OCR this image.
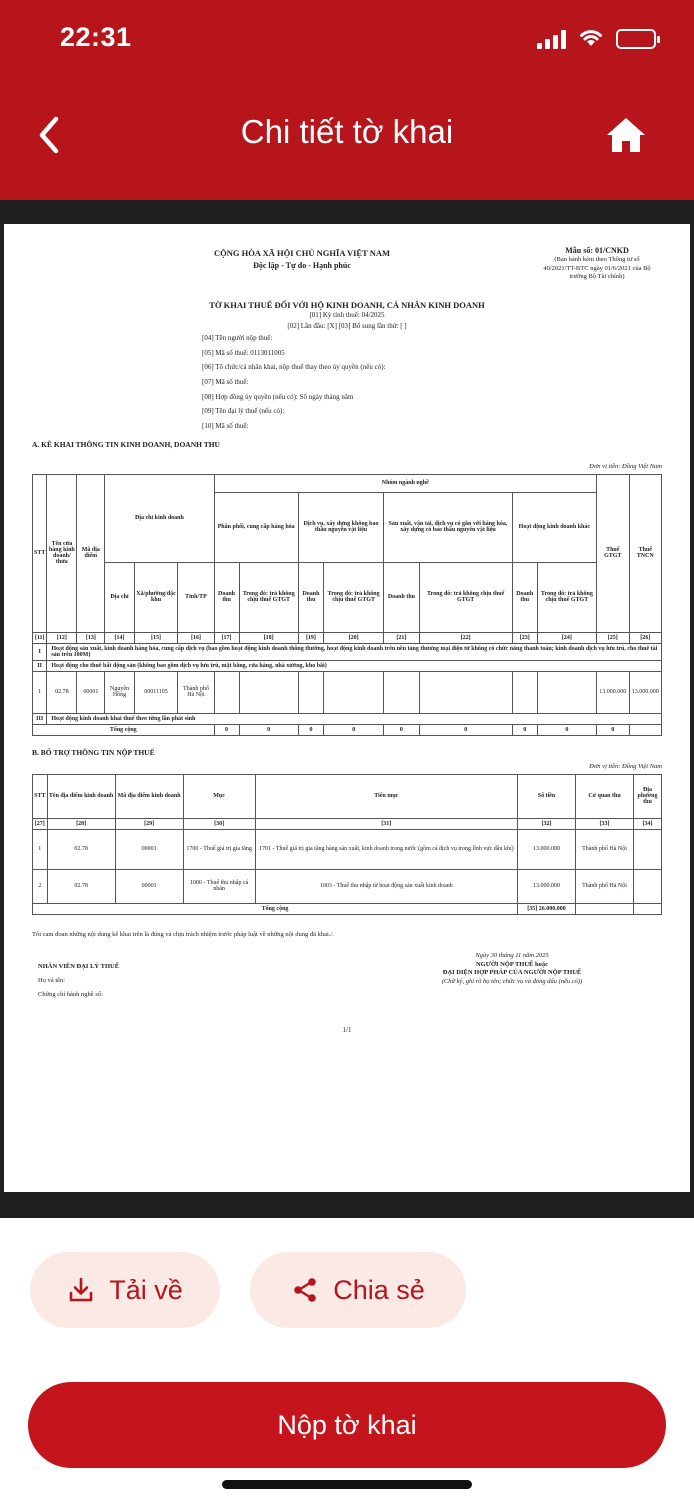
22:31
Chi tiết tờ khai
CỘNG HÒA XÃ HỘI CHỦ NGHĨA VIỆT NAM
Độc lập - Tự do - Hạnh phúc
Mẫu số: 01/CNKD
(Ban hành kèm theo Thông tư số 40/2021/TT-BTC ngày 01/6/2021 của Bộ trưởng Bộ Tài chính)
TỜ KHAI THUẾ ĐỐI VỚI HỘ KINH DOANH, CÁ NHÂN KINH DOANH
[01] Kỳ tính thuế: 04/2025
[02] Lần đầu: [X] [03] Bổ sung lần thứ: [ ]
[04] Tên người nộp thuế:
[05] Mã số thuế: 0113011005
[06] Tổ chức/cá nhân khai, nộp thuế thay theo ủy quyền (nếu có):
[07] Mã số thuế:
[08] Hợp đồng ủy quyền (nếu có): Số ngày tháng năm
[09] Tên đại lý thuế (nếu có):
[10] Mã số thuế:
A. KÊ KHAI THÔNG TIN KINH DOANH, DOANH THU
Đơn vị tiền: Đồng Việt Nam
STT	Tên cửa hàng kinh doanh/ thửa	Mã địa điểm	Địa chỉ kinh doanh			Nhóm ngành nghề								Thuế GTGT	Thuế TNCN
						Phân phối, cung cấp hàng hóa		Dịch vụ, xây dựng không bao thầu nguyên vật liệu		Sản xuất, vận tải, dịch vụ có gắn với hàng hóa, xây dựng có bao thầu nguyên vật liệu		Hoạt động kinh doanh khác			
			Địa chỉ	Xã/phường/đặc khu	Tỉnh/TP	Doanh thu	Trong đó: trả không chịu thuế GTGT	Doanh thu	Trong đó: trả không chịu thuế GTGT	Doanh thu	Trong đó: trả không chịu thuế GTGT	Doanh thu	Trong đó: trả không chịu thuế GTGT		
[11]	[12]	[13]	[14]	[15]	[16]	[17]	[18]	[19]	[20]	[21]	[22]	[23]	[24]	[25]	[26]
I	Hoạt động sản xuất, kinh doanh hàng hóa, cung cấp dịch vụ (bao gồm hoạt động kinh doanh thông thường, hoạt động kinh doanh trên nền tảng thương mại điện tử không có chức năng thanh toán; kinh doanh dịch vụ lưu trú, cho thuê tài sản trên 100M)														
II	Hoạt động cho thuê bất động sản (không bao gồm dịch vụ lưu trú, mặt bằng, cửa hàng, nhà xưởng, kho bãi)														
1	02.78	00001	Nguyên Hồng	00011105	Thành phố Hà Nội									13.000.000	13.000.000
III	Hoạt động kinh doanh khai thuế theo từng lần phát sinh														
Tổng cộng						0	0	0	0	0	0	0	0	0	
B. BỔ TRỢ THÔNG TIN NỘP THUẾ
Đơn vị tiền: Đồng Việt Nam
STT	Tên địa điểm kinh doanh	Mã địa điểm kinh doanh	Mục	Tiểu mục	Số tiền	Cơ quan thu	Địa phương thu
[27]	[28]	[29]	[30]	[31]	[32]	[33]	[34]
1	02.78	00001	1700 - Thuế giá trị gia tăng	1701 - Thuế giá trị gia tăng hàng sản xuất, kinh doanh trong nước (gồm cả dịch vụ trong lĩnh vực dầu khí)	13.000.000	Thành phố Hà Nội	
2	02.78	00001	1000 - Thuế thu nhập cá nhân	1003 - Thuế thu nhập từ hoạt động sản xuất kinh doanh	13.000.000	Thành phố Hà Nội	
Tổng cộng					[35] 26.000.000		
Tôi cam đoan những nội dung kê khai trên là đúng và chịu trách nhiệm trước pháp luật về những nội dung đã khai./.
NHÂN VIÊN ĐẠI LÝ THUẾ
Họ và tên:
Chứng chỉ hành nghề số:
Ngày 30 tháng 11 năm 2025
NGƯỜI NỘP THUẾ hoặc
ĐẠI DIỆN HỢP PHÁP CỦA NGƯỜI NỘP THUẾ
(Chữ ký, ghi rõ họ tên; chức vụ và đóng dấu (nếu có))
1/1
Tải về	Chia sẻ
Nộp tờ khai
